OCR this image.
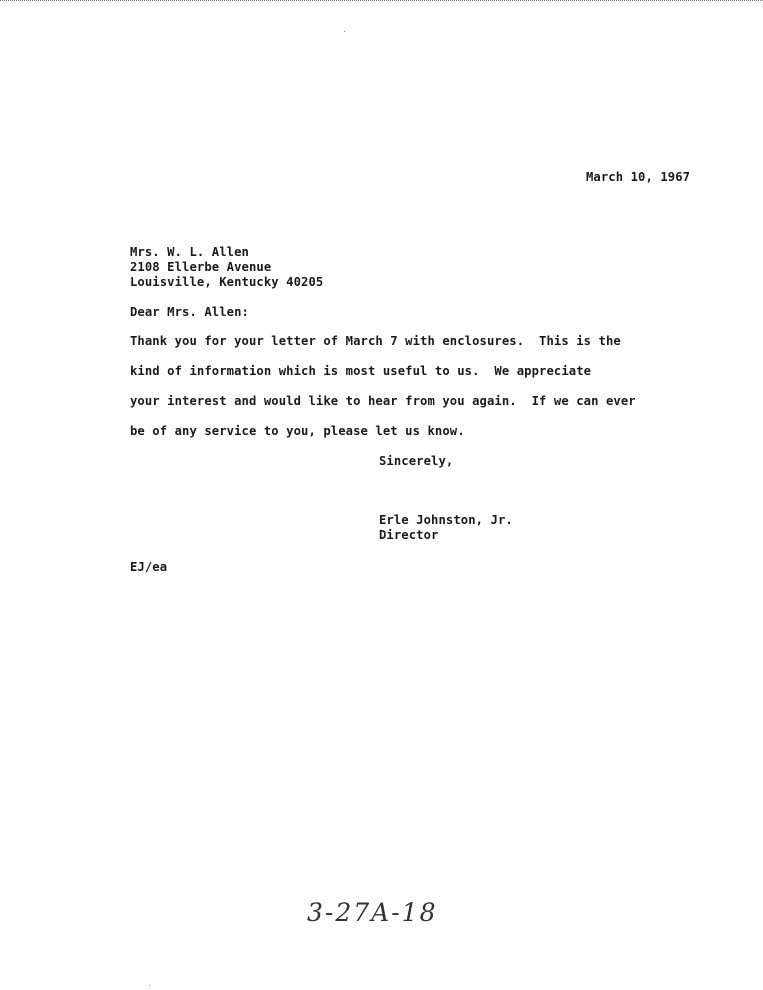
March 10, 1967
Mrs. W. L. Allen
2108 Ellerbe Avenue
Louisville, Kentucky 40205
Dear Mrs. Allen:
Thank you for your letter of March 7 with enclosures.  This is the
kind of information which is most useful to us.  We appreciate
your interest and would like to hear from you again.  If we can ever
be of any service to you, please let us know.
Sincerely,
Erle Johnston, Jr.
Director
EJ/ea
3-27A-18
